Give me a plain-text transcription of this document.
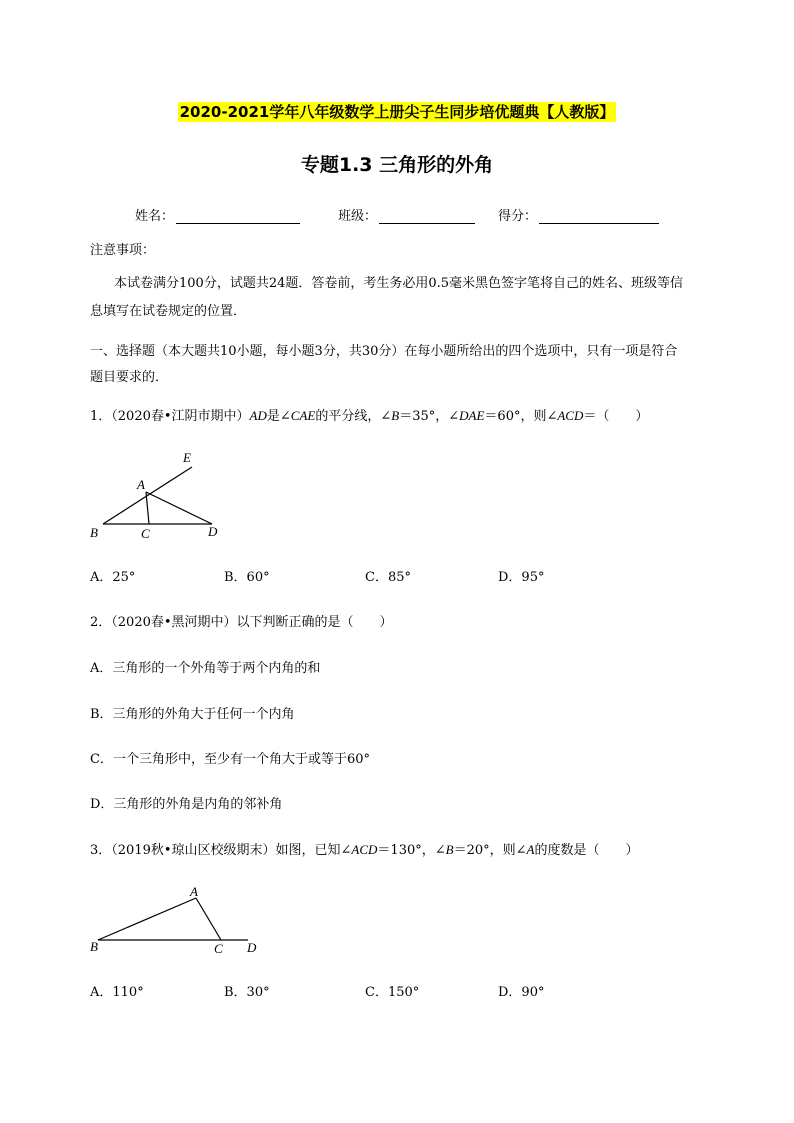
2020-2021学年八年级数学上册尖子生同步培优题典【人教版】
专题1.3 三角形的外角
姓名：	班级：	得分：
注意事项：
本试卷满分100分，试题共24题．答卷前，考生务必用0.5毫米黑色签字笔将自己的姓名、班级等信
息填写在试卷规定的位置．
一、选择题（本大题共10小题，每小题3分，共30分）在每小题所给出的四个选项中，只有一项是符合
题目要求的．
1．（2020春•江阴市期中）AD是∠CAE的平分线，∠B＝35°，∠DAE＝60°，则∠ACD＝（　　）
E
A
B	C	D
A
B	C D
A．25°	B．60°	C．85°	D．95°
2．（2020春•黑河期中）以下判断正确的是（　　）
A．三角形的一个外角等于两个内角的和
B．三角形的外角大于任何一个内角
C．一个三角形中，至少有一个角大于或等于60°
D．三角形的外角是内角的邻补角
3．（2019秋•琼山区校级期末）如图，已知∠ACD＝130°，∠B＝20°，则∠A的度数是（　　）
A．110°	B．30°	C．150°	D．90°
